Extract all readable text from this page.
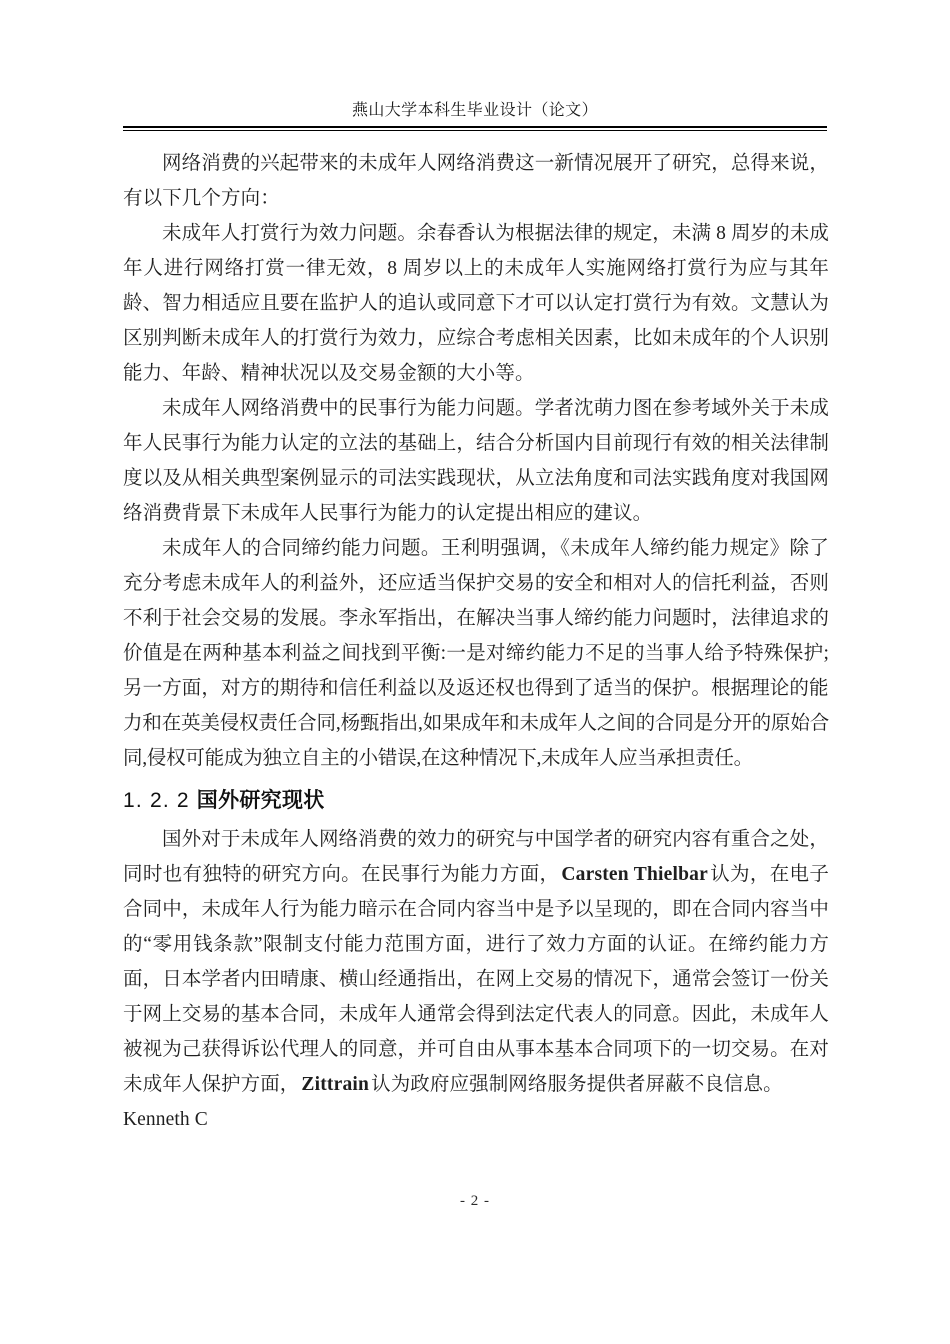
燕山大学本科生毕业设计（论文）

网络消费的兴起带来的未成年人网络消费这一新情况展开了研究，总得来说，有以下几个方向：

未成年人打赏行为效力问题。余春香认为根据法律的规定，未满 8 周岁的未成年人进行网络打赏一律无效，8 周岁以上的未成年人实施网络打赏行为应与其年龄、智力相适应且要在监护人的追认或同意下才可以认定打赏行为有效。文慧认为区别判断未成年人的打赏行为效力，应综合考虑相关因素，比如未成年的个人识别能力、年龄、精神状况以及交易金额的大小等。

未成年人网络消费中的民事行为能力问题。学者沈萌力图在参考域外关于未成年人民事行为能力认定的立法的基础上，结合分析国内目前现行有效的相关法律制度以及从相关典型案例显示的司法实践现状，从立法角度和司法实践角度对我国网络消费背景下未成年人民事行为能力的认定提出相应的建议。

未成年人的合同缔约能力问题。王利明强调，《未成年人缔约能力规定》除了充分考虑未成年人的利益外，还应适当保护交易的安全和相对人的信托利益，否则不利于社会交易的发展。李永军指出，在解决当事人缔约能力问题时，法律追求的价值是在两种基本利益之间找到平衡:一是对缔约能力不足的当事人给予特殊保护;另一方面，对方的期待和信任利益以及返还权也得到了适当的保护。根据理论的能

力和在英美侵权责任合同,杨甄指出,如果成年和未成年人之间的合同是分开的原始合同,侵权可能成为独立自主的小错误,在这种情况下,未成年人应当承担责任。

1. 2. 2 国外研究现状

国外对于未成年人网络消费的效力的研究与中国学者的研究内容有重合之处，同时也有独特的研究方向。在民事行为能力方面， Carsten Thielbar 认为，在电子合同中，未成年人行为能力暗示在合同内容当中是予以呈现的，即在合同内容当中的“零用钱条款”限制支付能力范围方面，进行了效力方面的认证。在缔约能力方面，日本学者内田晴康、横山经通指出，在网上交易的情况下，通常会签订一份关于网上交易的基本合同，未成年人通常会得到法定代表人的同意。因此，未成年人被视为己获得诉讼代理人的同意，并可自由从事本基本合同项下的一切交易。在对未成年人保护方面， Zittrain 认为政府应强制网络服务提供者屏蔽不良信息。

Kenneth C

- 2 -
